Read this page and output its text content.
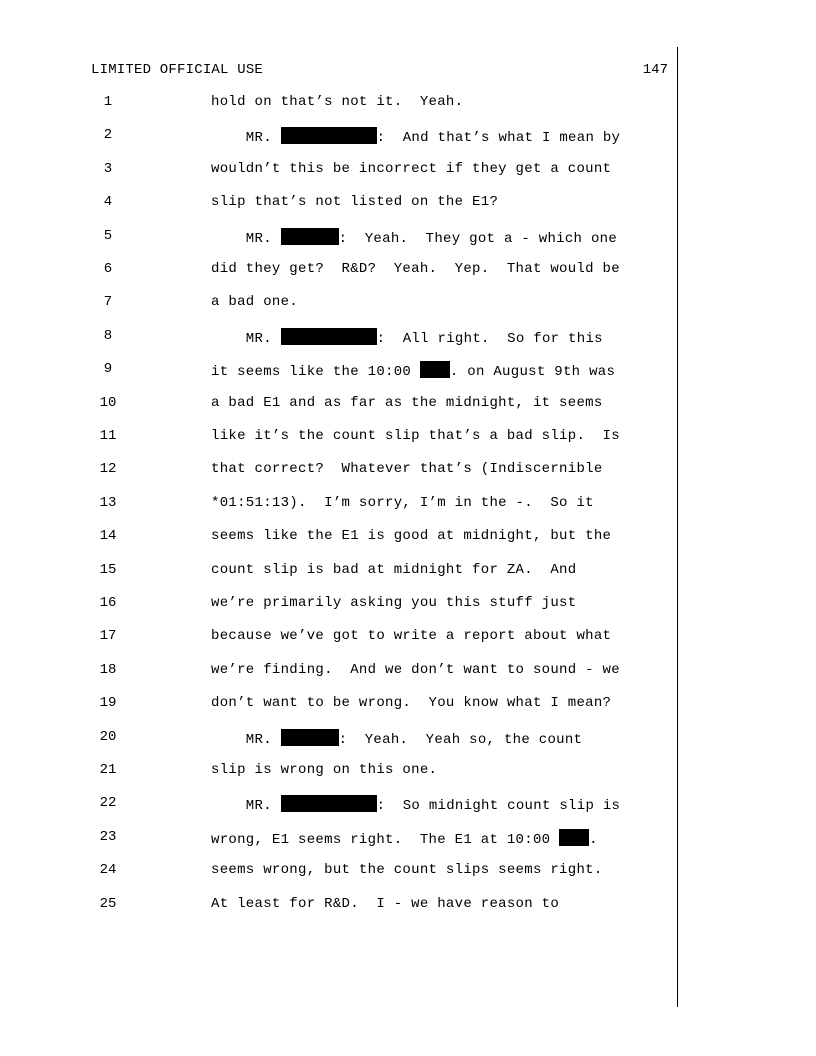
LIMITED OFFICIAL USE	147
1	hold on that’s not it.  Yeah.
2	MR.	:  And that’s what I mean by
3	wouldn’t this be incorrect if they get a count
4	slip that’s not listed on the E1?
5	MR.	:  Yeah.  They got a - which one
6	did they get?  R&D?  Yeah.  Yep.  That would be
7	a bad one.
8	MR.	:  All right.  So for this
9	it seems like the 10:00 . on August 9th was
10	a bad E1 and as far as the midnight, it seems
11	like it’s the count slip that’s a bad slip.  Is
12	that correct?  Whatever that’s (Indiscernible
13	*01:51:13).  I’m sorry, I’m in the -.  So it
14	seems like the E1 is good at midnight, but the
15	count slip is bad at midnight for ZA.  And
16	we’re primarily asking you this stuff just
17	because we’ve got to write a report about what
18	we’re finding.  And we don’t want to sound - we
19	don’t want to be wrong.  You know what I mean?
20	MR.	:  Yeah.  Yeah so, the count
21	slip is wrong on this one.
22	MR.	:  So midnight count slip is
23	wrong, E1 seems right.  The E1 at 10:00 .
24	seems wrong, but the count slips seems right.
25	At least for R&D.  I - we have reason to
